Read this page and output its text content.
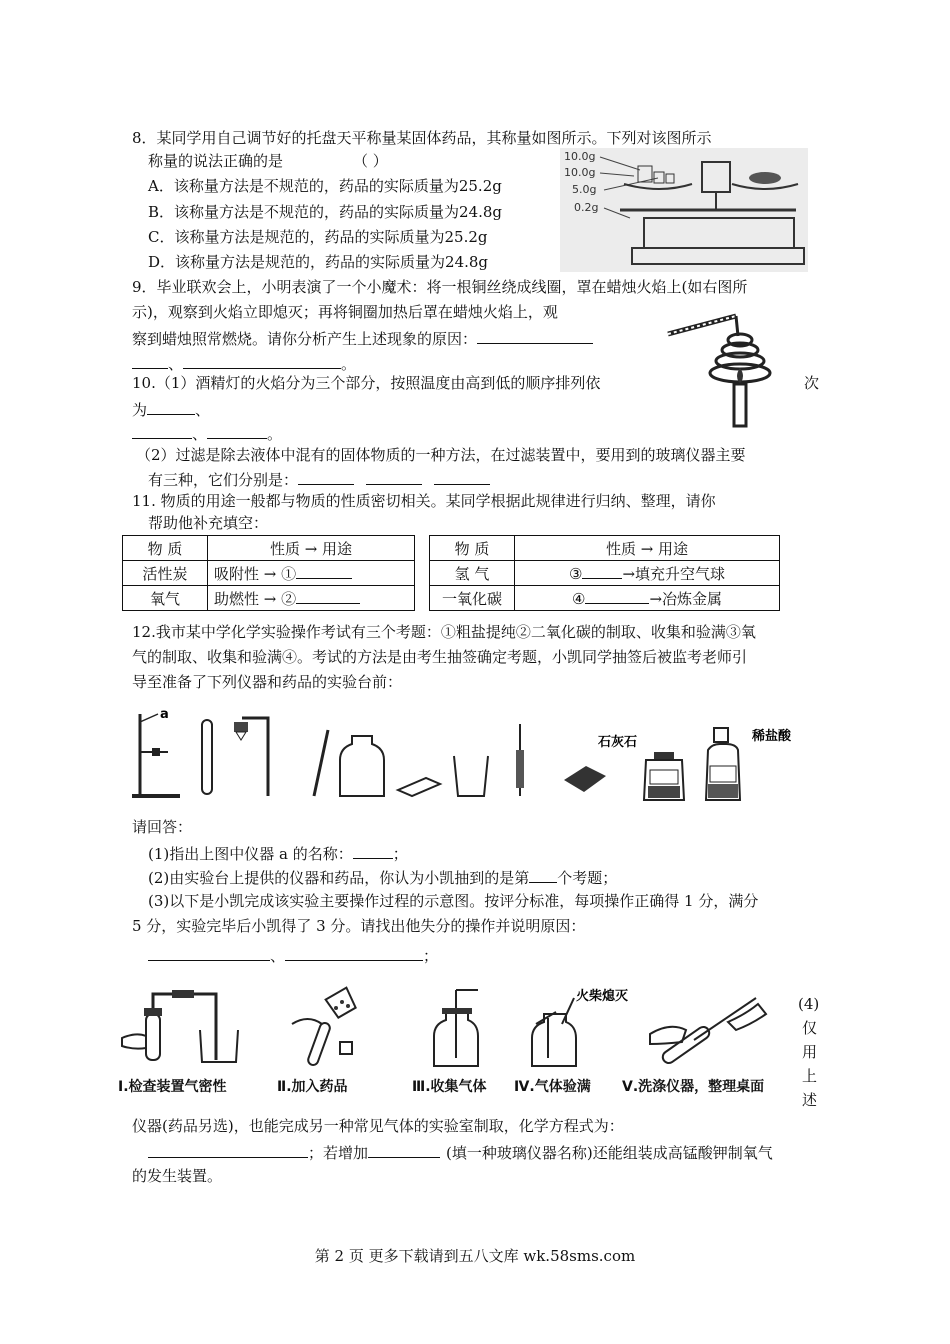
8．某同学用自己调节好的托盘天平称量某固体药品，其称量如图所示。下列对该图所示
称量的说法正确的是	（ ）
A．该称量方法是不规范的，药品的实际质量为25.2g
B．该称量方法是不规范的，药品的实际质量为24.8g
C．该称量方法是规范的，药品的实际质量为25.2g
D．该称量方法是规范的，药品的实际质量为24.8g
10.0g
10.0g
5.0g
0.2g
9．毕业联欢会上，小明表演了一个小魔术：将一根铜丝绕成线圈，罩在蜡烛火焰上(如右图所
示)，观察到火焰立即熄灭；再将铜圈加热后罩在蜡烛火焰上，观
察到蜡烛照常燃烧。请你分析产生上述现象的原因：
、	。
10.（1）酒精灯的火焰分为三个部分，按照温度由高到低的顺序排列依	次
为	、
、	。
（2）过滤是除去液体中混有的固体物质的一种方法，在过滤装置中，要用到的玻璃仪器主要
有三种，它们分别是：
11. 物质的用途一般都与物质的性质密切相关。某同学根据此规律进行归纳、整理，请你
帮助他补充填空：
物 质	性质 → 用途		物 质	性质 → 用途
活性炭	吸附性 → ①		氢 气	③ →填充升空气球
氧气	助燃性 → ②		一氧化碳	④ →冶炼金属
12.我市某中学化学实验操作考试有三个考题：①粗盐提纯②二氧化碳的制取、收集和验满③氧
气的制取、收集和验满④。考试的方法是由考生抽签确定考题，小凯同学抽签后被监考老师引
导至准备了下列仪器和药品的实验台前：
a
石灰石	稀盐酸
请回答：
(1)指出上图中仪器 a 的名称：	；
(2)由实验台上提供的仪器和药品，你认为小凯抽到的是第 个考题；
(3)以下是小凯完成该实验主要操作过程的示意图。按评分标准，每项操作正确得 1 分，满分
5 分，实验完毕后小凯得了 3 分。请找出他失分的操作并说明原因：
、	；
火柴熄灭
Ⅰ.检查装置气密性	Ⅱ.加入药品	Ⅲ.收集气体 Ⅳ.气体验满 Ⅴ.洗涤仪器，整理桌面
(4)
仅
用
上
述
仪器(药品另选)，也能完成另一种常见气体的实验室制取，化学方程式为：
；若增加	(填一种玻璃仪器名称)还能组装成高锰酸钾制氧气
的发生装置。
第 2 页 更多下载请到五八文库 wk.58sms.com
